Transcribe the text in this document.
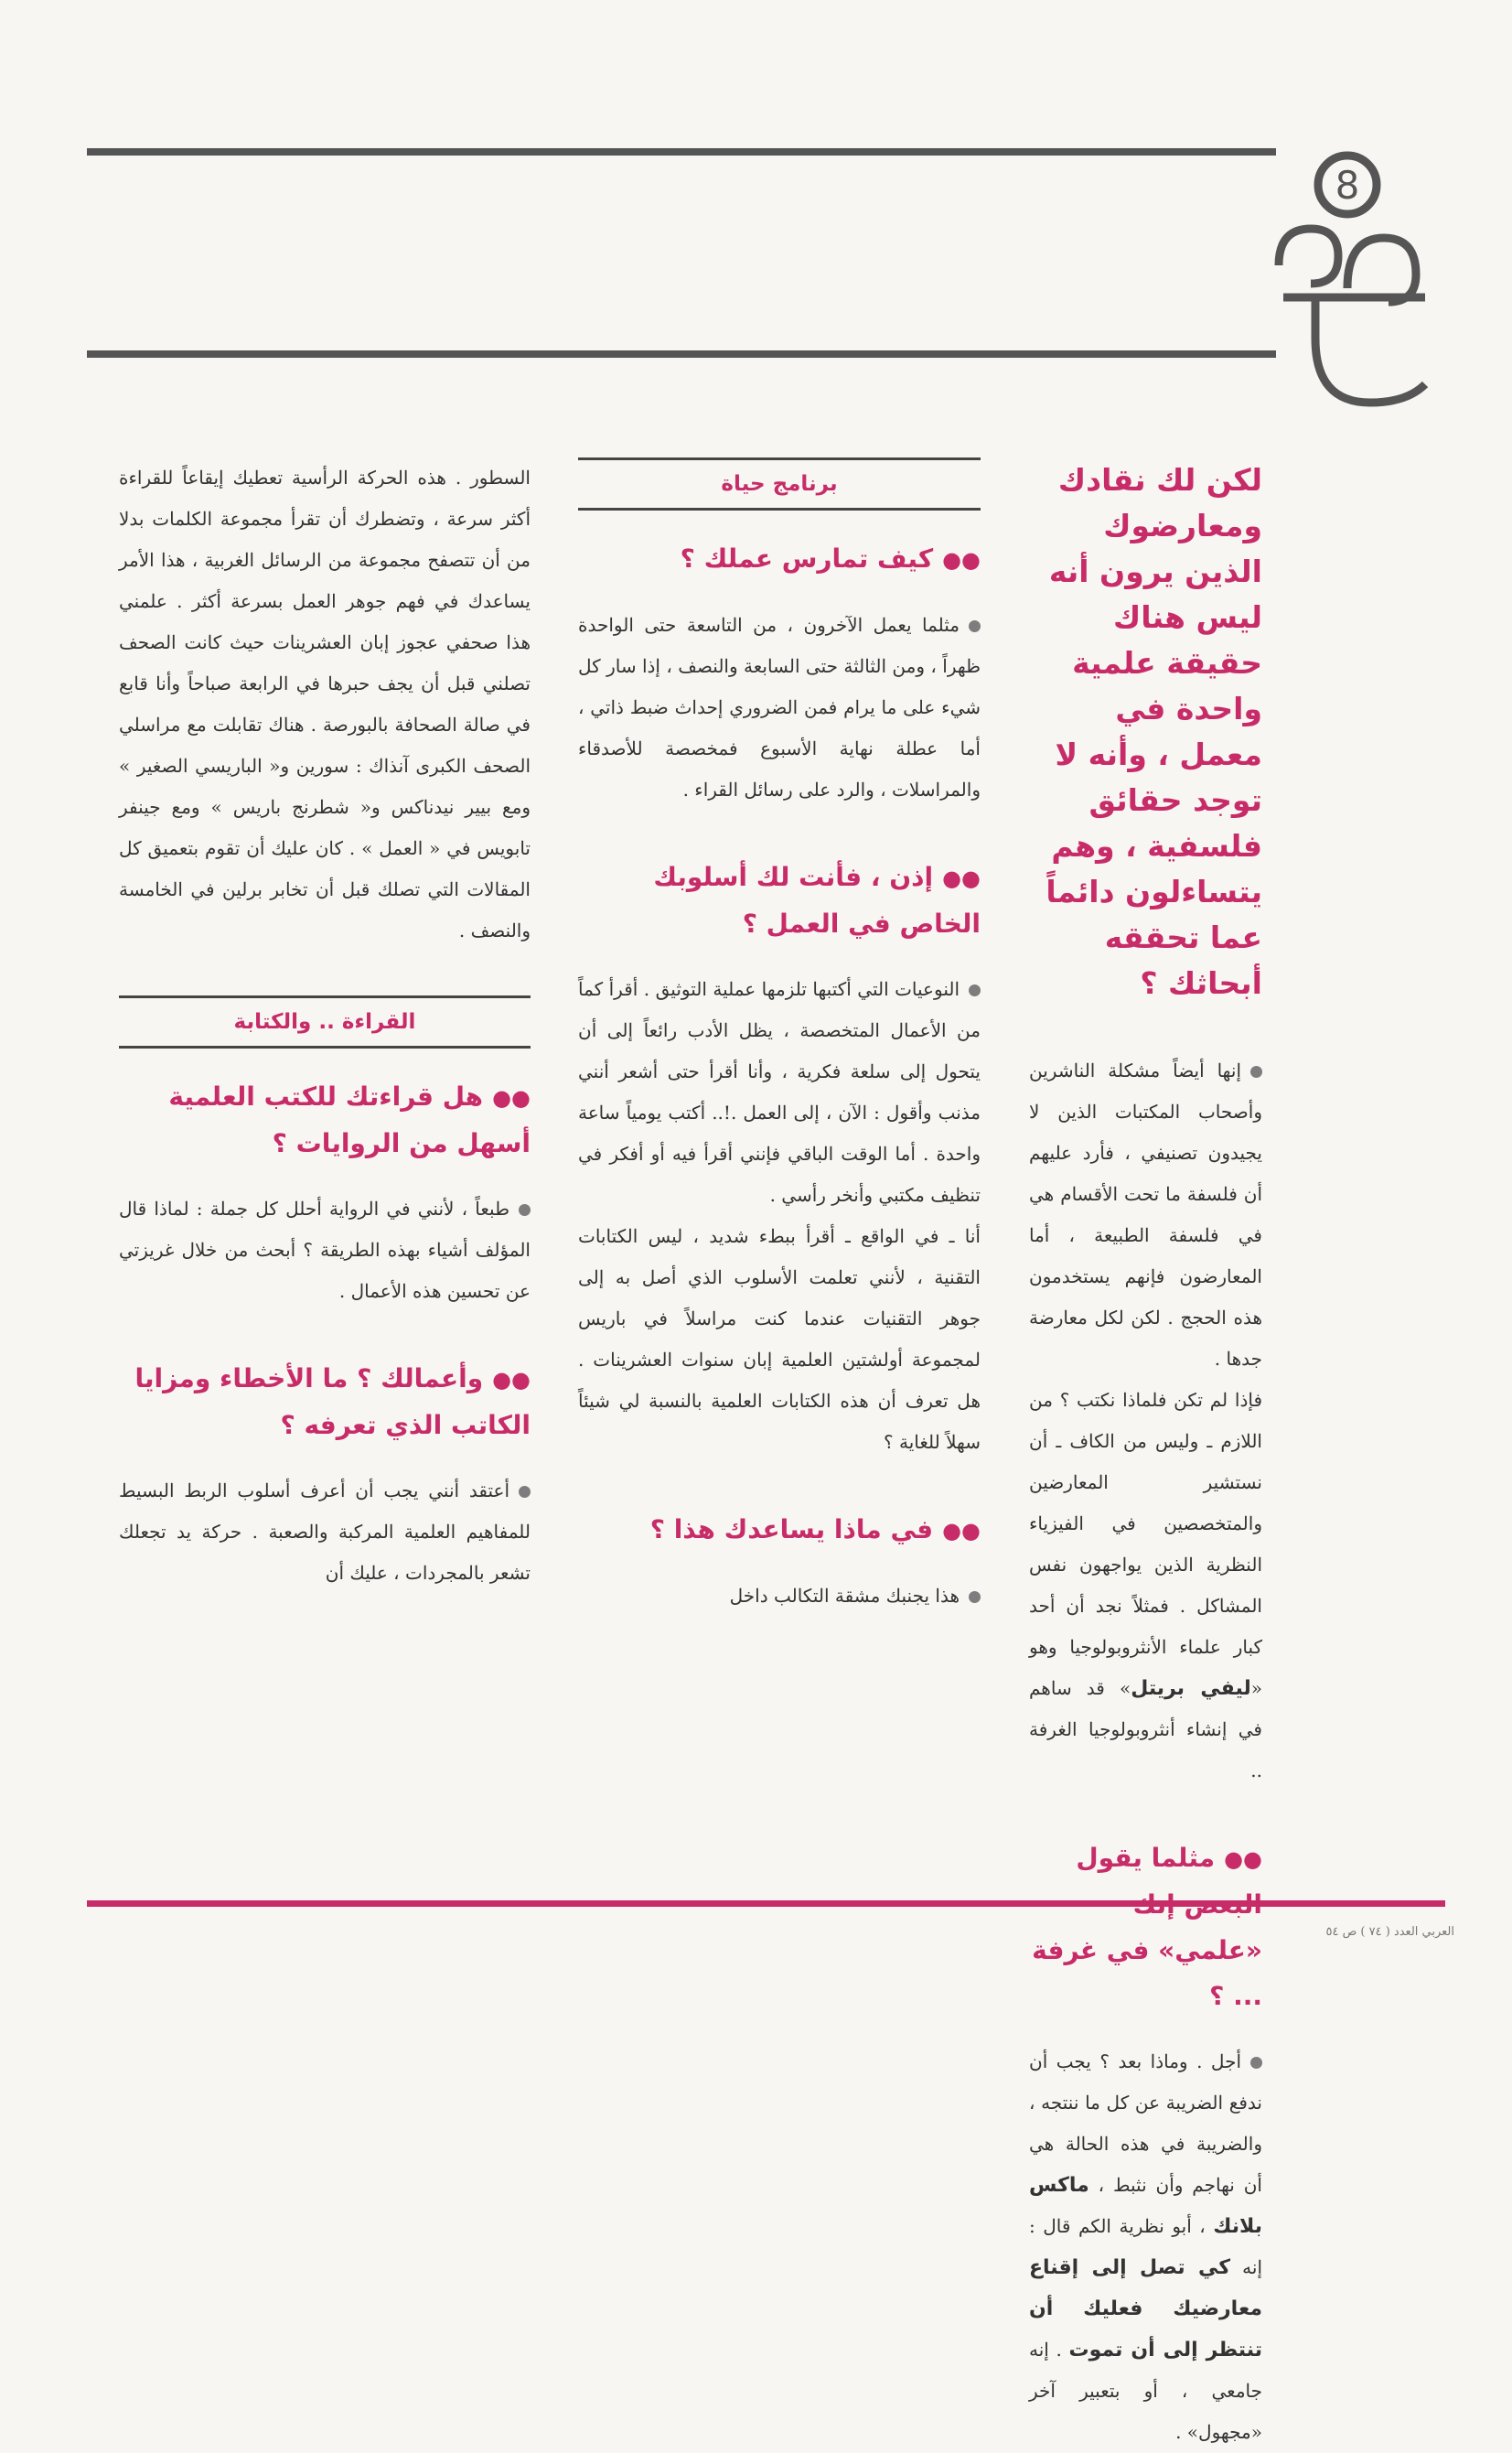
8

لكن لك نقادك ومعارضوك الذين يرون أنه ليس هناك حقيقة علمية واحدة في معمل ، وأنه لا توجد حقائق فلسفية ، وهم يتساءلون دائماً عما تحققه أبحاثك ؟

إنها أيضاً مشكلة الناشرين وأصحاب المكتبات الذين لا يجيدون تصنيفي ، فأرد عليهم أن فلسفة ما تحت الأقسام هي في فلسفة الطبيعة ، أما المعارضون فإنهم يستخدمون هذه الحجج . لكن لكل معارضة جدها .

فإذا لم تكن فلماذا نكتب ؟ من اللازم ـ وليس من الكاف ـ أن نستشير المعارضين والمتخصصين في الفيزياء النظرية الذين يواجهون نفس المشاكل . فمثلاً نجد أن أحد كبار علماء الأنثروبولوجيا وهو «ليفي بريتل» قد ساهم في إنشاء أنثروبولوجيا الغرفة ..

●●مثلما يقول «علمي» في غرفة ... ؟

أجل . وماذا بعد ؟ يجب أن ندفع الضريبة عن كل ما ننتجه ، والضريبة في هذه الحالة هي أن نهاجم وأن نثبط ، ماكس بلانك ، أبو نظرية الكم قال : إنه كي تصل إلى إقناع معارضيك فعليك أن تنتظر إلى أن تموت . إنه جامعي ، أو بتعبير آخر «مجهول» .

برنامج حياة

●●كيف تمارس عملك ؟

مثلما يعمل الآخرون ، من التاسعة حتى الواحدة ظهراً ، ومن الثالثة حتى السابعة والنصف ، إذا سار كل شيء على ما يرام فمن الضروري إحداث ضبط ذاتي ، أما عطلة نهاية الأسبوع فمخصصة للأصدقاء والمراسلات ، والرد على رسائل القراء .

●●إذن ، فأنت لك أسلوبك الخاص في العمل ؟

النوعيات التي أكتبها تلزمها عملية التوثيق . أقرأ كماً من الأعمال المتخصصة ، يظل الأدب رائعاً إلى أن يتحول إلى سلعة فكرية ، وأنا أقرأ حتى أشعر أنني مذنب وأقول : الآن ، إلى العمل .!.. أكتب يومياً ساعة واحدة . أما الوقت الباقي فإنني أقرأ فيه أو أفكر في تنظيف مكتبي وأنخر رأسي .

أنا ـ في الواقع ـ أقرأ ببطء شديد ، ليس الكتابات التقنية ، لأنني تعلمت الأسلوب الذي أصل به إلى جوهر التقنيات عندما كنت مراسلاً في باريس لمجموعة أولشتين العلمية إبان سنوات العشرينات . هل تعرف أن هذه الكتابات العلمية بالنسبة لي شيئاً سهلاً للغاية ؟

●●في ماذا يساعدك هذا ؟

هذا يجنبك مشقة التكالب داخل

السطور . هذه الحركة الرأسية تعطيك إيقاعاً للقراءة أكثر سرعة ، وتضطرك أن تقرأ مجموعة الكلمات بدلا من أن تتصفح مجموعة من الرسائل الغربية ، هذا الأمر يساعدك في فهم جوهر العمل بسرعة أكثر . علمني هذا صحفي عجوز إبان العشرينات حيث كانت الصحف تصلني قبل أن يجف حبرها في الرابعة صباحاً وأنا قابع في صالة الصحافة بالبورصة . هناك تقابلت مع مراسلي الصحف الكبرى آنذاك : سورين و« الباريسي الصغير » ومع بيير نيدناكس و« شطرنج باريس » ومع جينفر تابويس في « العمل » . كان عليك أن تقوم بتعميق كل المقالات التي تصلك قبل أن تخابر برلين في الخامسة والنصف .

القراءة .. والكتابة

●●هل قراءتك للكتب العلمية أسهل من الروايات ؟

طبعاً ، لأنني في الرواية أحلل كل جملة : لماذا قال المؤلف أشياء بهذه الطريقة ؟ أبحث من خلال غريزتي عن تحسين هذه الأعمال .

●●وأعمالك ؟ ما الأخطاء ومزايا الكاتب الذي تعرفه ؟

أعتقد أنني يجب أن أعرف أسلوب الربط البسيط للمفاهيم العلمية المركبة والصعبة . حركة يد تجعلك تشعر بالمجردات ، عليك أن

العربي العدد ( ٧٤ ) ص ٥٤
